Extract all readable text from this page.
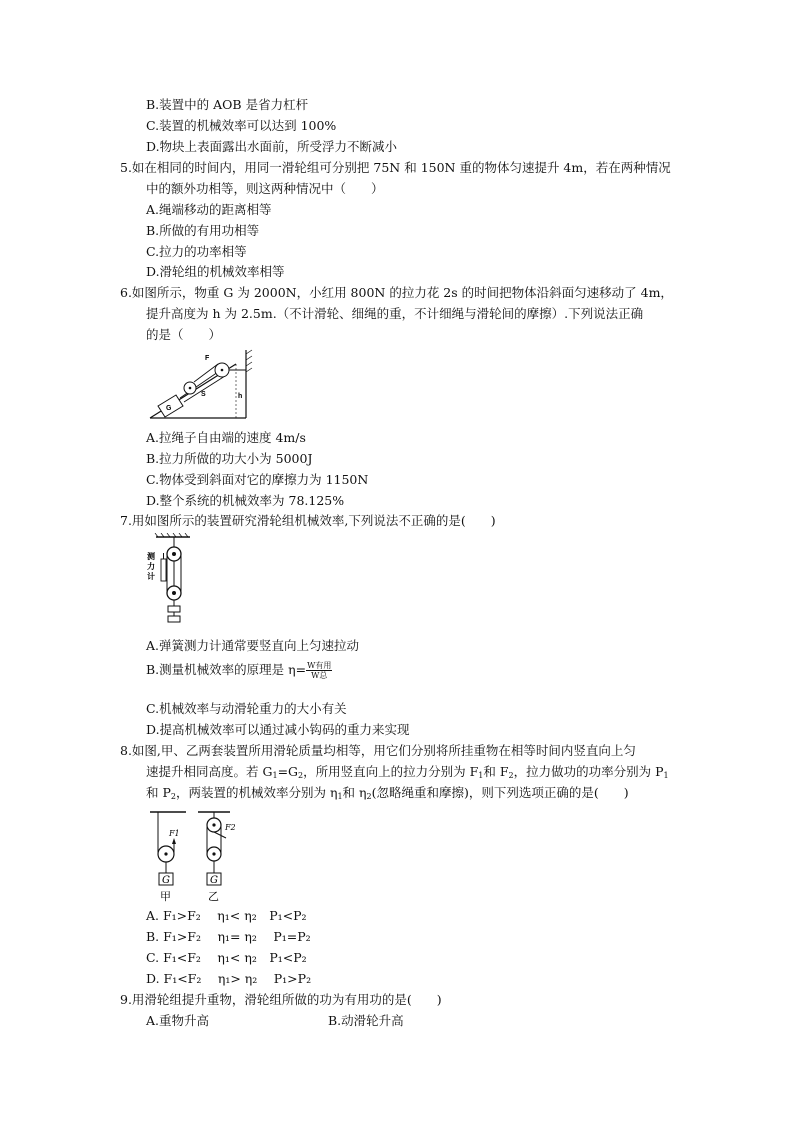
B.装置中的 AOB 是省力杠杆
C.装置的机械效率可以达到 100%
D.物块上表面露出水面前，所受浮力不断减小
5.如在相同的时间内，用同一滑轮组可分别把 75N 和 150N 重的物体匀速提升 4m，若在两种情况
中的额外功相等，则这两种情况中（　　）
A.绳端移动的距离相等
B.所做的有用功相等
C.拉力的功率相等
D.滑轮组的机械效率相等
6.如图所示，物重 G 为 2000N，小红用 800N 的拉力花 2s 的时间把物体沿斜面匀速移动了 4m，
提升高度为 h 为 2.5m.（不计滑轮、细绳的重，不计细绳与滑轮间的摩擦）.下列说法正确
的是（　　）
G
S
F
h
A.拉绳子自由端的速度 4m/s
B.拉力所做的功大小为 5000J
C.物体受到斜面对它的摩擦力为 1150N
D.整个系统的机械效率为 78.125%
7.用如图所示的装置研究滑轮组机械效率,下列说法不正确的是(　　)
测
力
计
A.弹簧测力计通常要竖直向上匀速拉动
B.测量机械效率的原理是 $\eta= \frac{\text{W有用}}{\text{W总}}$
C.机械效率与动滑轮重力的大小有关
D.提高机械效率可以通过减小钩码的重力来实现
8.如图,甲、乙两套装置所用滑轮质量均相等，用它们分别将所挂重物在相等时间内竖直向上匀
速提升相同高度。若 $G_1=G_2$，所用竖直向上的拉力分别为 $F_1$和 $F_2$，拉力做功的功率分别为 $P_1$
和 $P_2$，两装置的机械效率分别为 $\eta_1$和 $\eta_2$(忽略绳重和摩擦)，则下列选项正确的是(　　)
G
F1
甲
G
F2
乙
A. F₁>F₂　 η₁< η₂　P₁<P₂
B. F₁>F₂　 η₁= η₂　 P₁=P₂
C. F₁<F₂　 η₁< η₂　P₁<P₂
D. F₁<F₂　 η₁> η₂　 P₁>P₂
9.用滑轮组提升重物，滑轮组所做的功为有用功的是(　　)
A.重物升高	B.动滑轮升高
